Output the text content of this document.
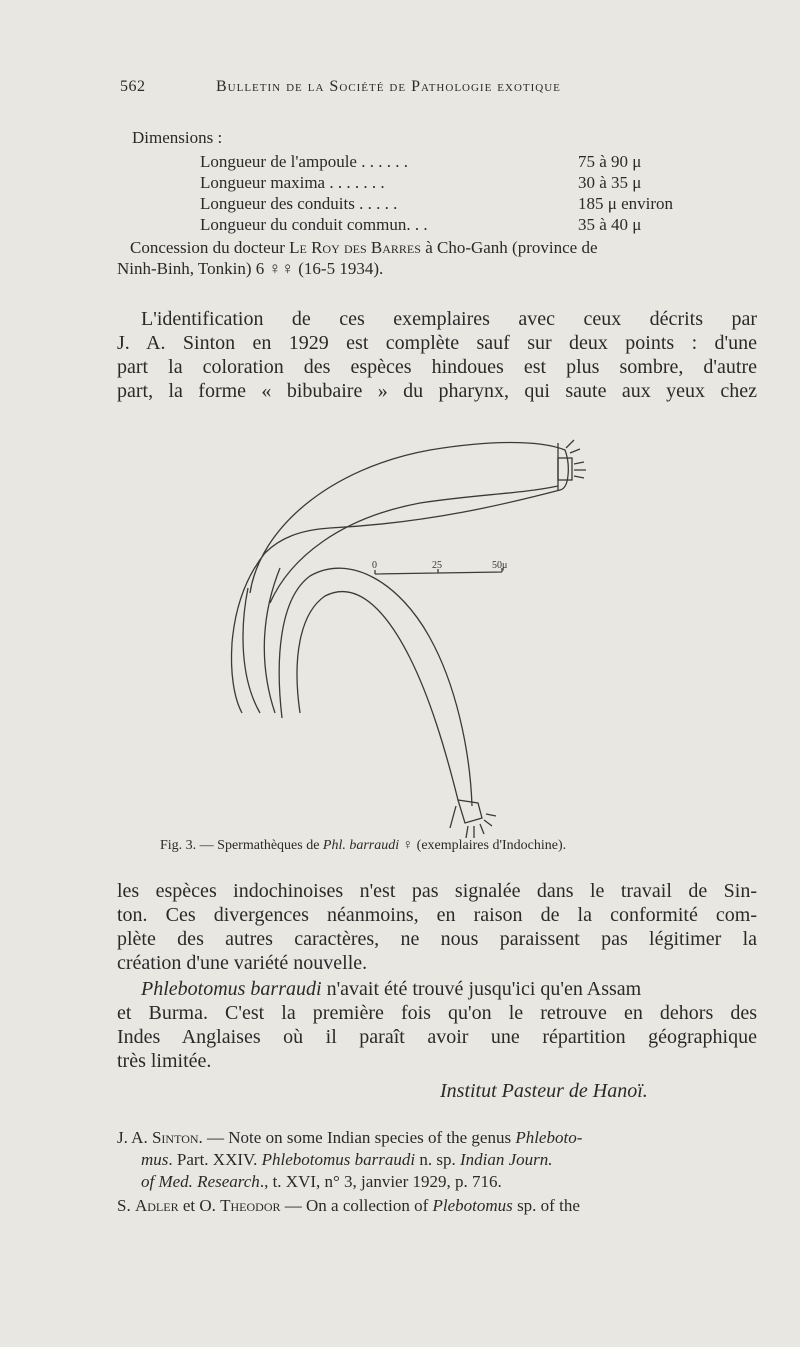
562	Bulletin de la Société de Pathologie exotique
Dimensions :
Longueur de l'ampoule . . . . . .	75 à 90 μ
Longueur maxima . . . . . . .	30 à 35 μ
Longueur des conduits . . . . .	185 μ environ
Longueur du conduit commun. . .	35 à 40 μ
Concession du docteur Le Roy des Barres à Cho-Ganh (province de
Ninh-Binh, Tonkin) 6 ♀♀ (16-5 1934).
L'identification de ces exemplaires avec ceux décrits par
J. A. Sinton en 1929 est complète sauf sur deux points : d'une
part la coloration des espèces hindoues est plus sombre, d'autre
part, la forme « bibubaire » du pharynx, qui saute aux yeux chez
0	25	50μ
Fig. 3. — Spermathèques de Phl. barraudi ♀ (exemplaires d'Indochine).
les espèces indochinoises n'est pas signalée dans le travail de Sin-
ton. Ces divergences néanmoins, en raison de la conformité com-
plète des autres caractères, ne nous paraissent pas légitimer la
création d'une variété nouvelle.
Phlebotomus barraudi n'avait été trouvé jusqu'ici qu'en Assam
et Burma. C'est la première fois qu'on le retrouve en dehors des
Indes Anglaises où il paraît avoir une répartition géographique
très limitée.
Institut Pasteur de Hanoï.
J. A. Sinton. — Note on some Indian species of the genus Phleboto-
mus. Part. XXIV. Phlebotomus barraudi n. sp. Indian Journ.
of Med. Research., t. XVI, n° 3, janvier 1929, p. 716.
S. Adler et O. Theodor — On a collection of Plebotomus sp. of the
